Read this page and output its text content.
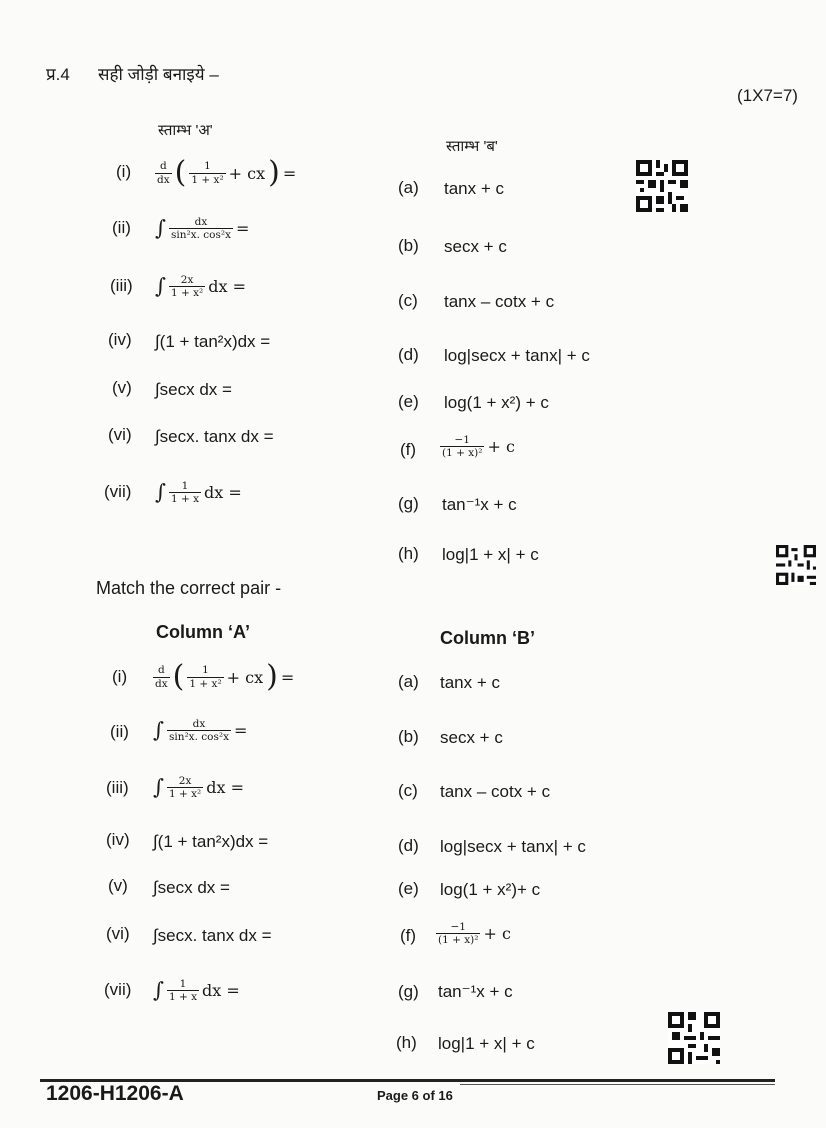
प्र.4 सही जोड़ी बनाइये –
(1X7=7)
स्ताम्भ 'अ'
स्ताम्भ 'ब'
$(i) \frac{d}{dx}$ ( $\frac{1}{\text{1 + x²}}$ + cx ) =
(ii) ∫ $\frac{dx}{\text{sin²x. cos²x}}$ =
(iii) ∫ $\frac{2x}{\text{1 + x²}}$ dx =
(iv) ∫(1 + tan²x)dx =
(v) ∫secx dx =
(vi) ∫secx. tanx dx =
(vii) ∫ $\frac{1}{1 + x}$ dx =
(a) tanx + c
(b) secx + c
(c) tanx – cotx + c
(d) log|secx + tanx| + c
(e) log(1 + x²) + c
$(f) \frac{-1}{\text{(1 + x)²}} + c$
(g) tan⁻¹x + c
(h) log|1 + x| + c
Match the correct pair -
Column ‘A’	Column ‘B’
$(i) \frac{d}{dx}$ ( $\frac{1}{\text{1 + x²}}$ + cx ) =
(ii) ∫ $\frac{dx}{\text{sin²x. cos²x}}$ =
(iii) ∫ $\frac{2x}{\text{1 + x²}}$ dx =
(iv) ∫(1 + tan²x)dx =
(v) ∫secx dx =
(vi) ∫secx. tanx dx =
(vii) ∫ $\frac{1}{1 + x}$ dx =
(a) tanx + c
(b) secx + c
(c) tanx – cotx + c
(d) log|secx + tanx| + c
(e) log(1 + x²)+ c
$(f) \frac{-1}{\text{(1 + x)²}} + c$
(g) tan⁻¹x + c
(h) log|1 + x| + c
1206-H1206-A	Page 6 of 16
